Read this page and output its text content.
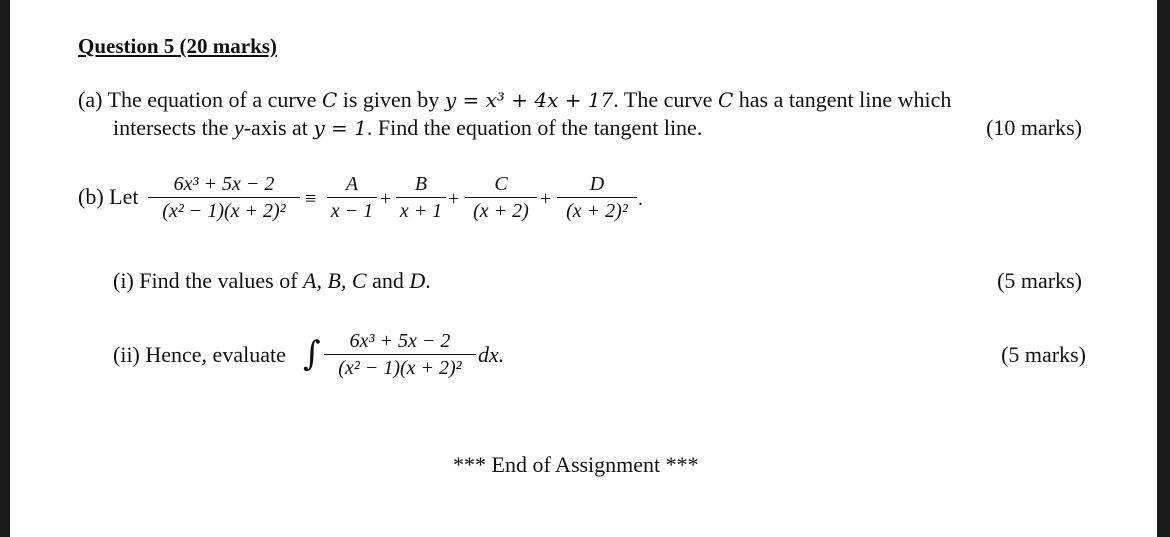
Question 5 (20 marks)
(a) The equation of a curve C is given by y = x³ + 4x + 17. The curve C has a tangent line which
intersects the y-axis at y = 1. Find the equation of the tangent line.	(10 marks)
(b) Let	6x³ + 5x − 2
(x² − 1)(x + 2)²
≡
A
x − 1
+
B
x + 1
+
C
(x + 2)
+
D
(x + 2)²
.
(i) Find the values of A, B, C and D.	(5 marks)
(ii) Hence, evaluate ∫	6x³ + 5x − 2
(x² − 1)(x + 2)²
dx.	(5 marks)
*** End of Assignment ***
